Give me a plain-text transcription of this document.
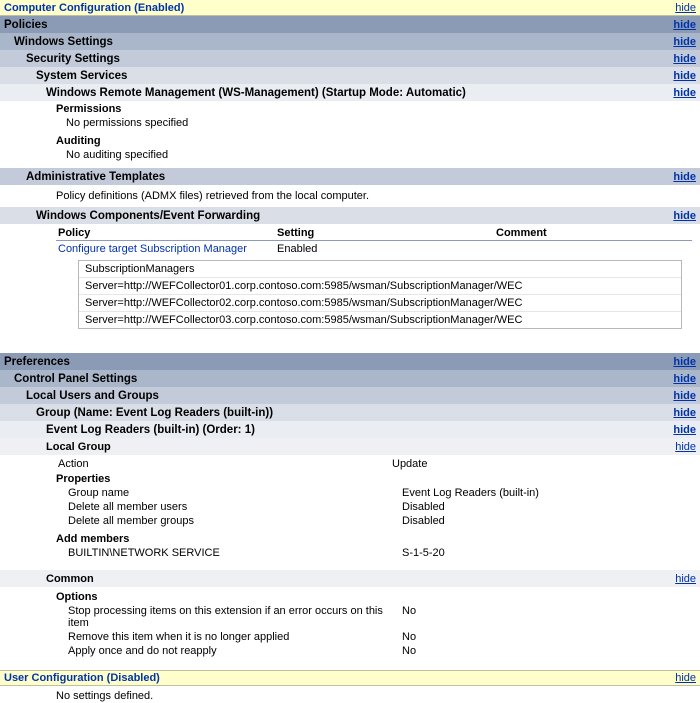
Computer Configuration (Enabled)	hide
Policies	hide
Windows Settings	hide
Security Settings	hide
System Services	hide
Windows Remote Management (WS-Management) (Startup Mode: Automatic)	hide
Permissions
No permissions specified
Auditing
No auditing specified
Administrative Templates	hide
Policy definitions (ADMX files) retrieved from the local computer.
Windows Components/Event Forwarding	hide
Policy	Setting	Comment
Configure target Subscription Manager	Enabled	
SubscriptionManagers
Server=http://WEFCollector01.corp.contoso.com:5985/wsman/SubscriptionManager/WEC
Server=http://WEFCollector02.corp.contoso.com:5985/wsman/SubscriptionManager/WEC
Server=http://WEFCollector03.corp.contoso.com:5985/wsman/SubscriptionManager/WEC
Preferences	hide
Control Panel Settings	hide
Local Users and Groups	hide
Group (Name: Event Log Readers (built-in))	hide
Event Log Readers (built-in) (Order: 1)	hide
Local Group	hide
Action	Update
Properties
Group name	Event Log Readers (built-in)
Delete all member users	Disabled
Delete all member groups	Disabled
Add members
BUILTIN\NETWORK SERVICE	S-1-5-20
Common	hide
Options
Stop processing items on this extension if an error occurs on this item	No
Remove this item when it is no longer applied	No
Apply once and do not reapply	No
User Configuration (Disabled)	hide
No settings defined.
